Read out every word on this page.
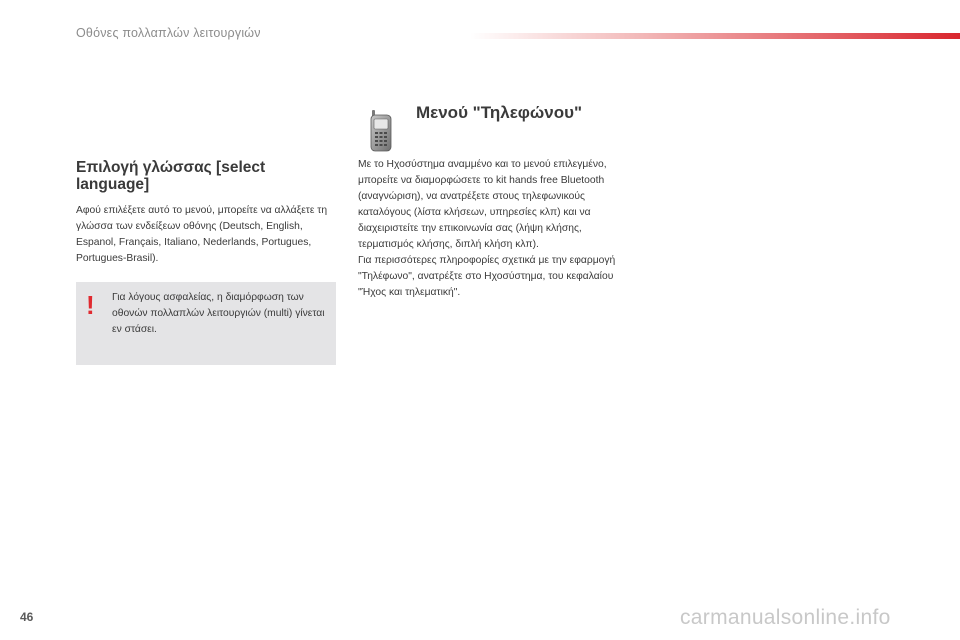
Οθόνες πολλαπλών λειτουργιών
Επιλογή γλώσσας [select language]

Αφού επιλέξετε αυτό το μενού, μπορείτε να αλλάξετε τη γλώσσα των ενδείξεων οθόνης (Deutsch, English, Espanol, Français, Italiano, Nederlands, Portugues, Portugues-Brasil).

! Για λόγους ασφαλείας, η διαμόρφωση των οθονών πολλαπλών λειτουργιών (multi) γίνεται εν στάσει.
Μενού "Τηλεφώνου"

Με το Ηχοσύστημα αναμμένο και το μενού επιλεγμένο, μπορείτε να διαμορφώσετε το kit hands free Bluetooth (αναγνώριση), να ανατρέξετε στους τηλεφωνικούς καταλόγους (λίστα κλήσεων, υπηρεσίες κλπ) και να διαχειριστείτε την επικοινωνία σας (λήψη κλήσης, τερματισμός κλήσης, διπλή κλήση κλπ).

Για περισσότερες πληροφορίες σχετικά με την εφαρμογή "Τηλέφωνο", ανατρέξτε στο Ηχοσύστημα, του κεφαλαίου "Ήχος και τηλεματική".

46	carmanualsonline.info
